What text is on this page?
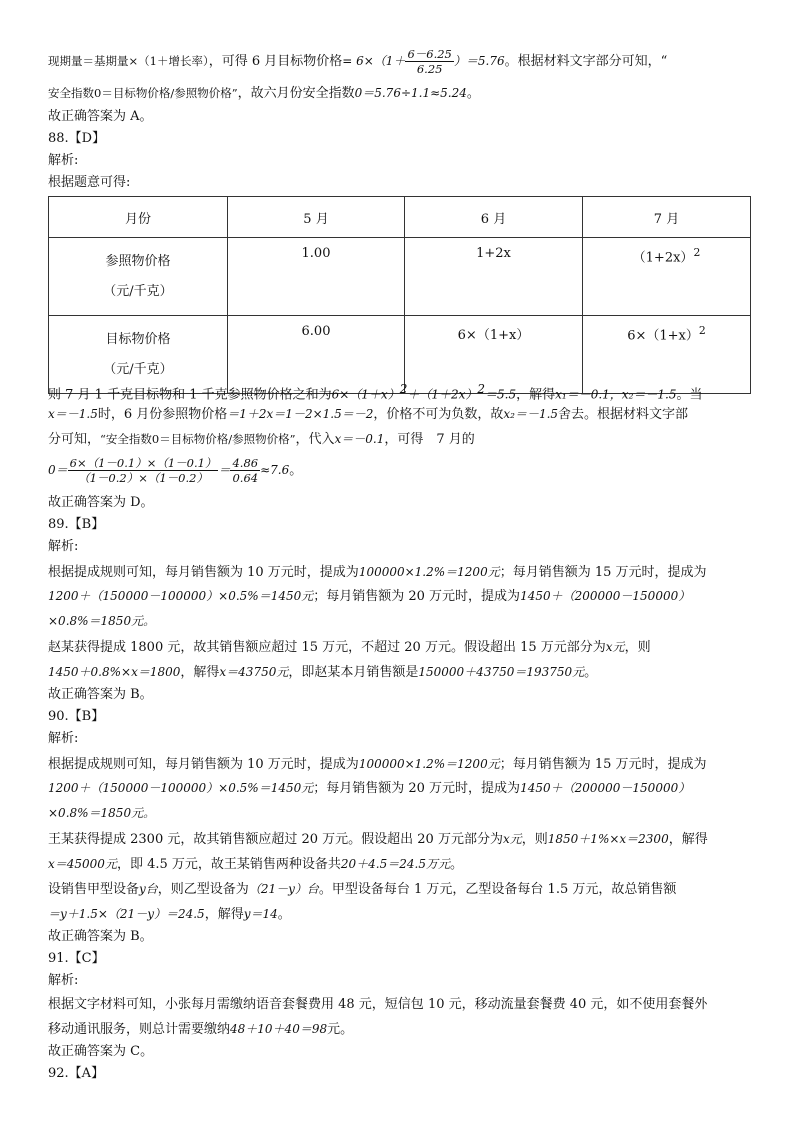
现期量＝基期量×（1＋增长率），可得 6 月目标物价格= $6\times(1+ \frac{6-6.25}{6.25} )=5.76$。根据材料文字部分可知，“
安全指数0＝目标物价格/参照物价格”，故六月份安全指数0＝5.76÷1.1≈5.24。
故正确答案为 A。
88.【D】
解析:
根据题意可得:
月份	5 月	6 月	7 月

参照物价格
（元/千克）	1.00	1+2x	$(1+2x)^2$

目标物价格
（元/千克）	6.00	6×（1+x）	$6\times(1+x)^2$
则 7 月 1 千克目标物和 1 千克参照物价格之和为$6\times(1+x)^2+(1+2x)^2=5.5$，解得x₁＝－0.1，x₂＝－1.5。当
x＝－1.5时，6 月份参照物价格＝1＋2x＝1－2×1.5＝－2，价格不可为负数，故x₂＝－1.5舍去。根据材料文字部
分可知，“安全指数0＝目标物价格/参照物价格”，代入x＝－0.1，可得　7 月的
$0= \frac{6\times(1-0.1)\times(1-0.1)}{(1-0.2)\times(1-0.2)} = \frac{4.86}{0.64} \approx 7.6$。
故正确答案为 D。
89.【B】
解析:
根据提成规则可知，每月销售额为 10 万元时，提成为100000×1.2%＝1200元；每月销售额为 15 万元时，提成为
1200＋（150000－100000）×0.5%＝1450元；每月销售额为 20 万元时，提成为1450＋（200000－150000）
×0.8%＝1850元。
赵某获得提成 1800 元，故其销售额应超过 15 万元，不超过 20 万元。假设超出 15 万元部分为x元，则
1450＋0.8%×x＝1800，解得x＝43750元，即赵某本月销售额是150000＋43750＝193750元。
故正确答案为 B。
90.【B】
解析:
根据提成规则可知，每月销售额为 10 万元时，提成为100000×1.2%＝1200元；每月销售额为 15 万元时，提成为
1200＋（150000－100000）×0.5%＝1450元；每月销售额为 20 万元时，提成为1450＋（200000－150000）
×0.8%＝1850元。
王某获得提成 2300 元，故其销售额应超过 20 万元。假设超出 20 万元部分为x元，则1850＋1%×x＝2300，解得
x＝45000元，即 4.5 万元，故王某销售两种设备共20＋4.5＝24.5万元。
设销售甲型设备y台，则乙型设备为（21－y）台。甲型设备每台 1 万元，乙型设备每台 1.5 万元，故总销售额
＝y＋1.5×（21－y）＝24.5，解得y＝14。
故正确答案为 B。
91.【C】
解析:
根据文字材料可知，小张每月需缴纳语音套餐费用 48 元，短信包 10 元，移动流量套餐费 40 元，如不使用套餐外
移动通讯服务，则总计需要缴纳48＋10＋40＝98元。
故正确答案为 C。
92.【A】
